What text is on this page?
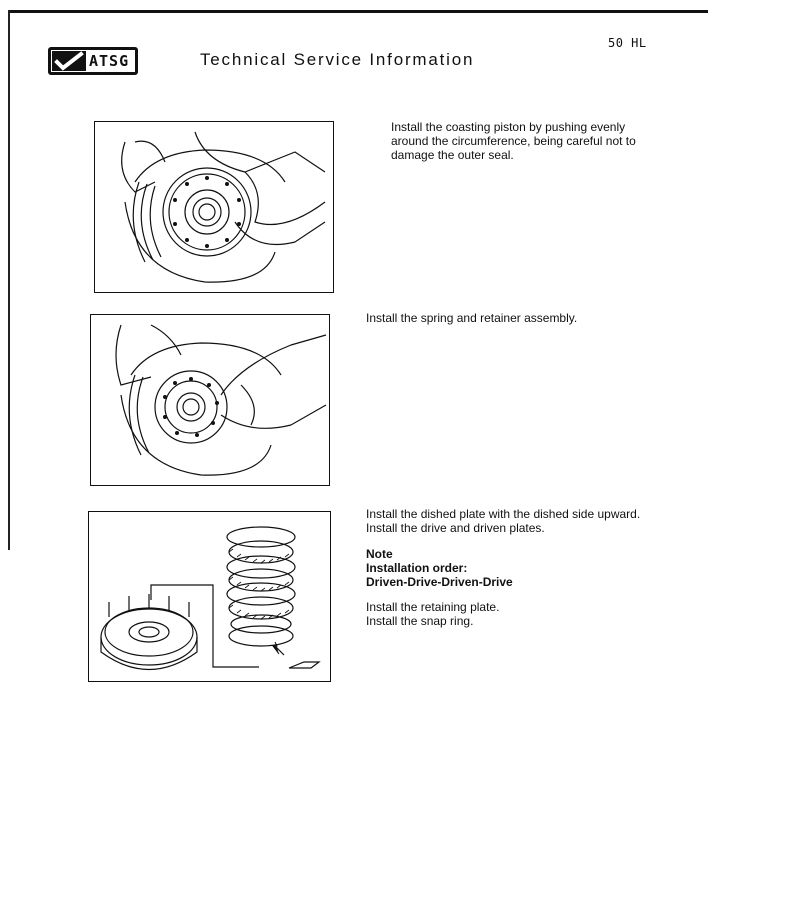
ATSG	Technical Service Information
50 HL
Install the coasting piston by pushing evenly around the circumference, being careful not to damage the outer seal.
Install the spring and retainer assembly.
Install the dished plate with the dished side upward.
Install the drive and driven plates.
Note
Installation order:
Driven-Drive-Driven-Drive
Install the retaining plate.
Install the snap ring.
